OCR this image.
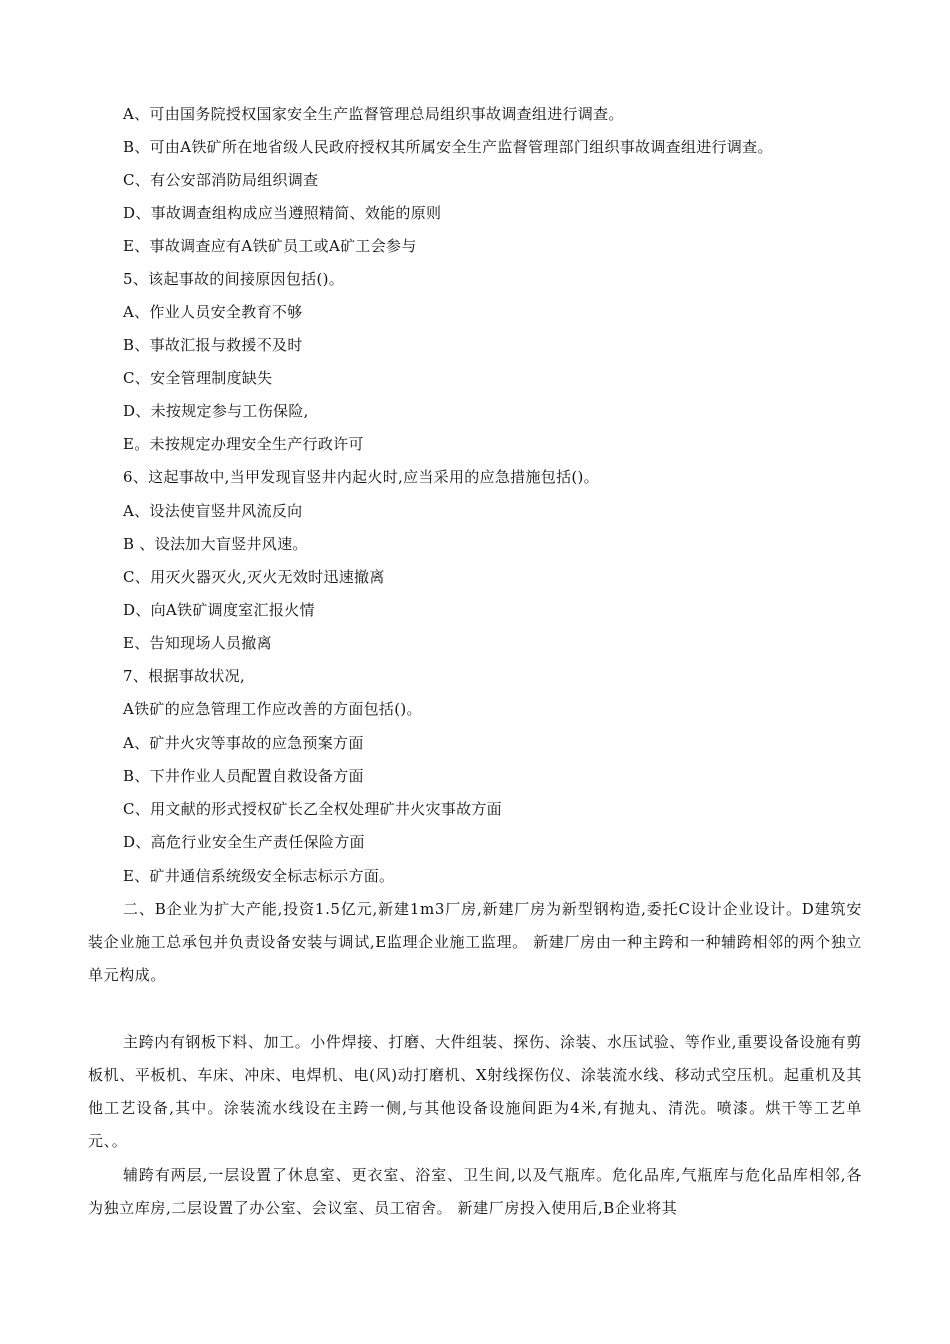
A、可由国务院授权国家安全生产监督管理总局组织事故调查组进行调查。
B、可由A铁矿所在地省级人民政府授权其所属安全生产监督管理部门组织事故调查组进行调查。
C、有公安部消防局组织调查
D、事故调查组构成应当遵照精简、效能的原则
E、事故调查应有A铁矿员工或A矿工会参与
5、该起事故的间接原因包括()。
A、作业人员安全教育不够
B、事故汇报与救援不及时
C、安全管理制度缺失
D、未按规定参与工伤保险,
E。未按规定办理安全生产行政许可
6、这起事故中,当甲发现盲竖井内起火时,应当采用的应急措施包括()。
A、设法使盲竖井风流反向
B 、设法加大盲竖井风速。
C、用灭火器灭火,灭火无效时迅速撤离
D、向A铁矿调度室汇报火情
E、告知现场人员撤离
7、根据事故状况,
A铁矿的应急管理工作应改善的方面包括()。
A、矿井火灾等事故的应急预案方面
B、下井作业人员配置自救设备方面
C、用文献的形式授权矿长乙全权处理矿井火灾事故方面
D、高危行业安全生产责任保险方面
E、矿井通信系统级安全标志标示方面。
二、B企业为扩大产能,投资1.5亿元,新建1m3厂房,新建厂房为新型钢构造,委托C设计企业设计。D建筑安装企业施工总承包并负责设备安装与调试,E监理企业施工监理。 新建厂房由一种主跨和一种辅跨相邻的两个独立单元构成。
主跨内有钢板下料、加工。小件焊接、打磨、大件组装、探伤、涂装、水压试验、等作业,重要设备设施有剪板机、平板机、车床、冲床、电焊机、电(风)动打磨机、X射线探伤仪、涂装流水线、移动式空压机。起重机及其他工艺设备,其中。涂装流水线设在主跨一侧,与其他设备设施间距为4米,有抛丸、清洗。喷漆。烘干等工艺单元、。
辅跨有两层,一层设置了休息室、更衣室、浴室、卫生间,以及气瓶库。危化品库,气瓶库与危化品库相邻,各为独立库房,二层设置了办公室、会议室、员工宿舍。 新建厂房投入使用后,B企业将其
